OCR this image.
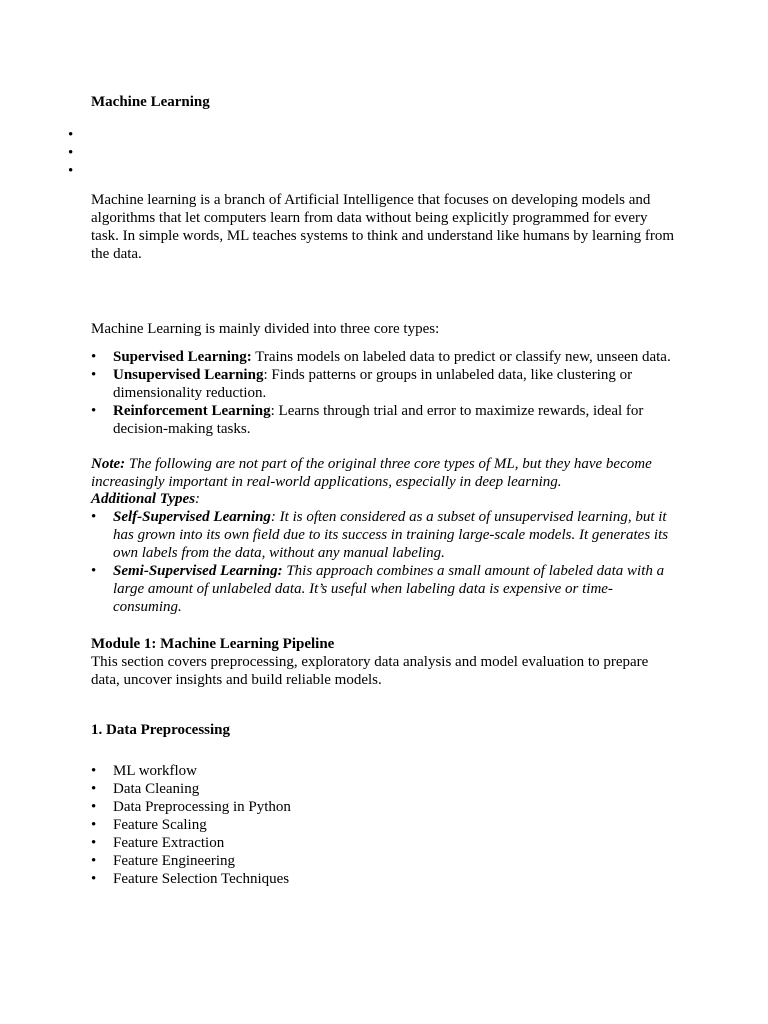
Machine Learning

Machine learning is a branch of Artificial Intelligence that focuses on developing models and algorithms that let computers learn from data without being explicitly programmed for every task. In simple words, ML teaches systems to think and understand like humans by learning from the data.

Machine Learning is mainly divided into three core types:

• Supervised Learning: Trains models on labeled data to predict or classify new, unseen data.
• Unsupervised Learning: Finds patterns or groups in unlabeled data, like clustering or dimensionality reduction.
• Reinforcement Learning: Learns through trial and error to maximize rewards, ideal for decision-making tasks.
Note: The following are not part of the original three core types of ML, but they have become increasingly important in real-world applications, especially in deep learning.
Additional Types:
• Self-Supervised Learning: It is often considered as a subset of unsupervised learning, but it has grown into its own field due to its success in training large-scale models. It generates its own labels from the data, without any manual labeling.
• Semi-Supervised Learning: This approach combines a small amount of labeled data with a large amount of unlabeled data. It’s useful when labeling data is expensive or time-consuming.
Module 1: Machine Learning Pipeline

This section covers preprocessing, exploratory data analysis and model evaluation to prepare data, uncover insights and build reliable models.

1. Data Preprocessing
• ML workflow
• Data Cleaning
• Data Preprocessing in Python
• Feature Scaling
• Feature Extraction
• Feature Engineering
• Feature Selection Techniques
